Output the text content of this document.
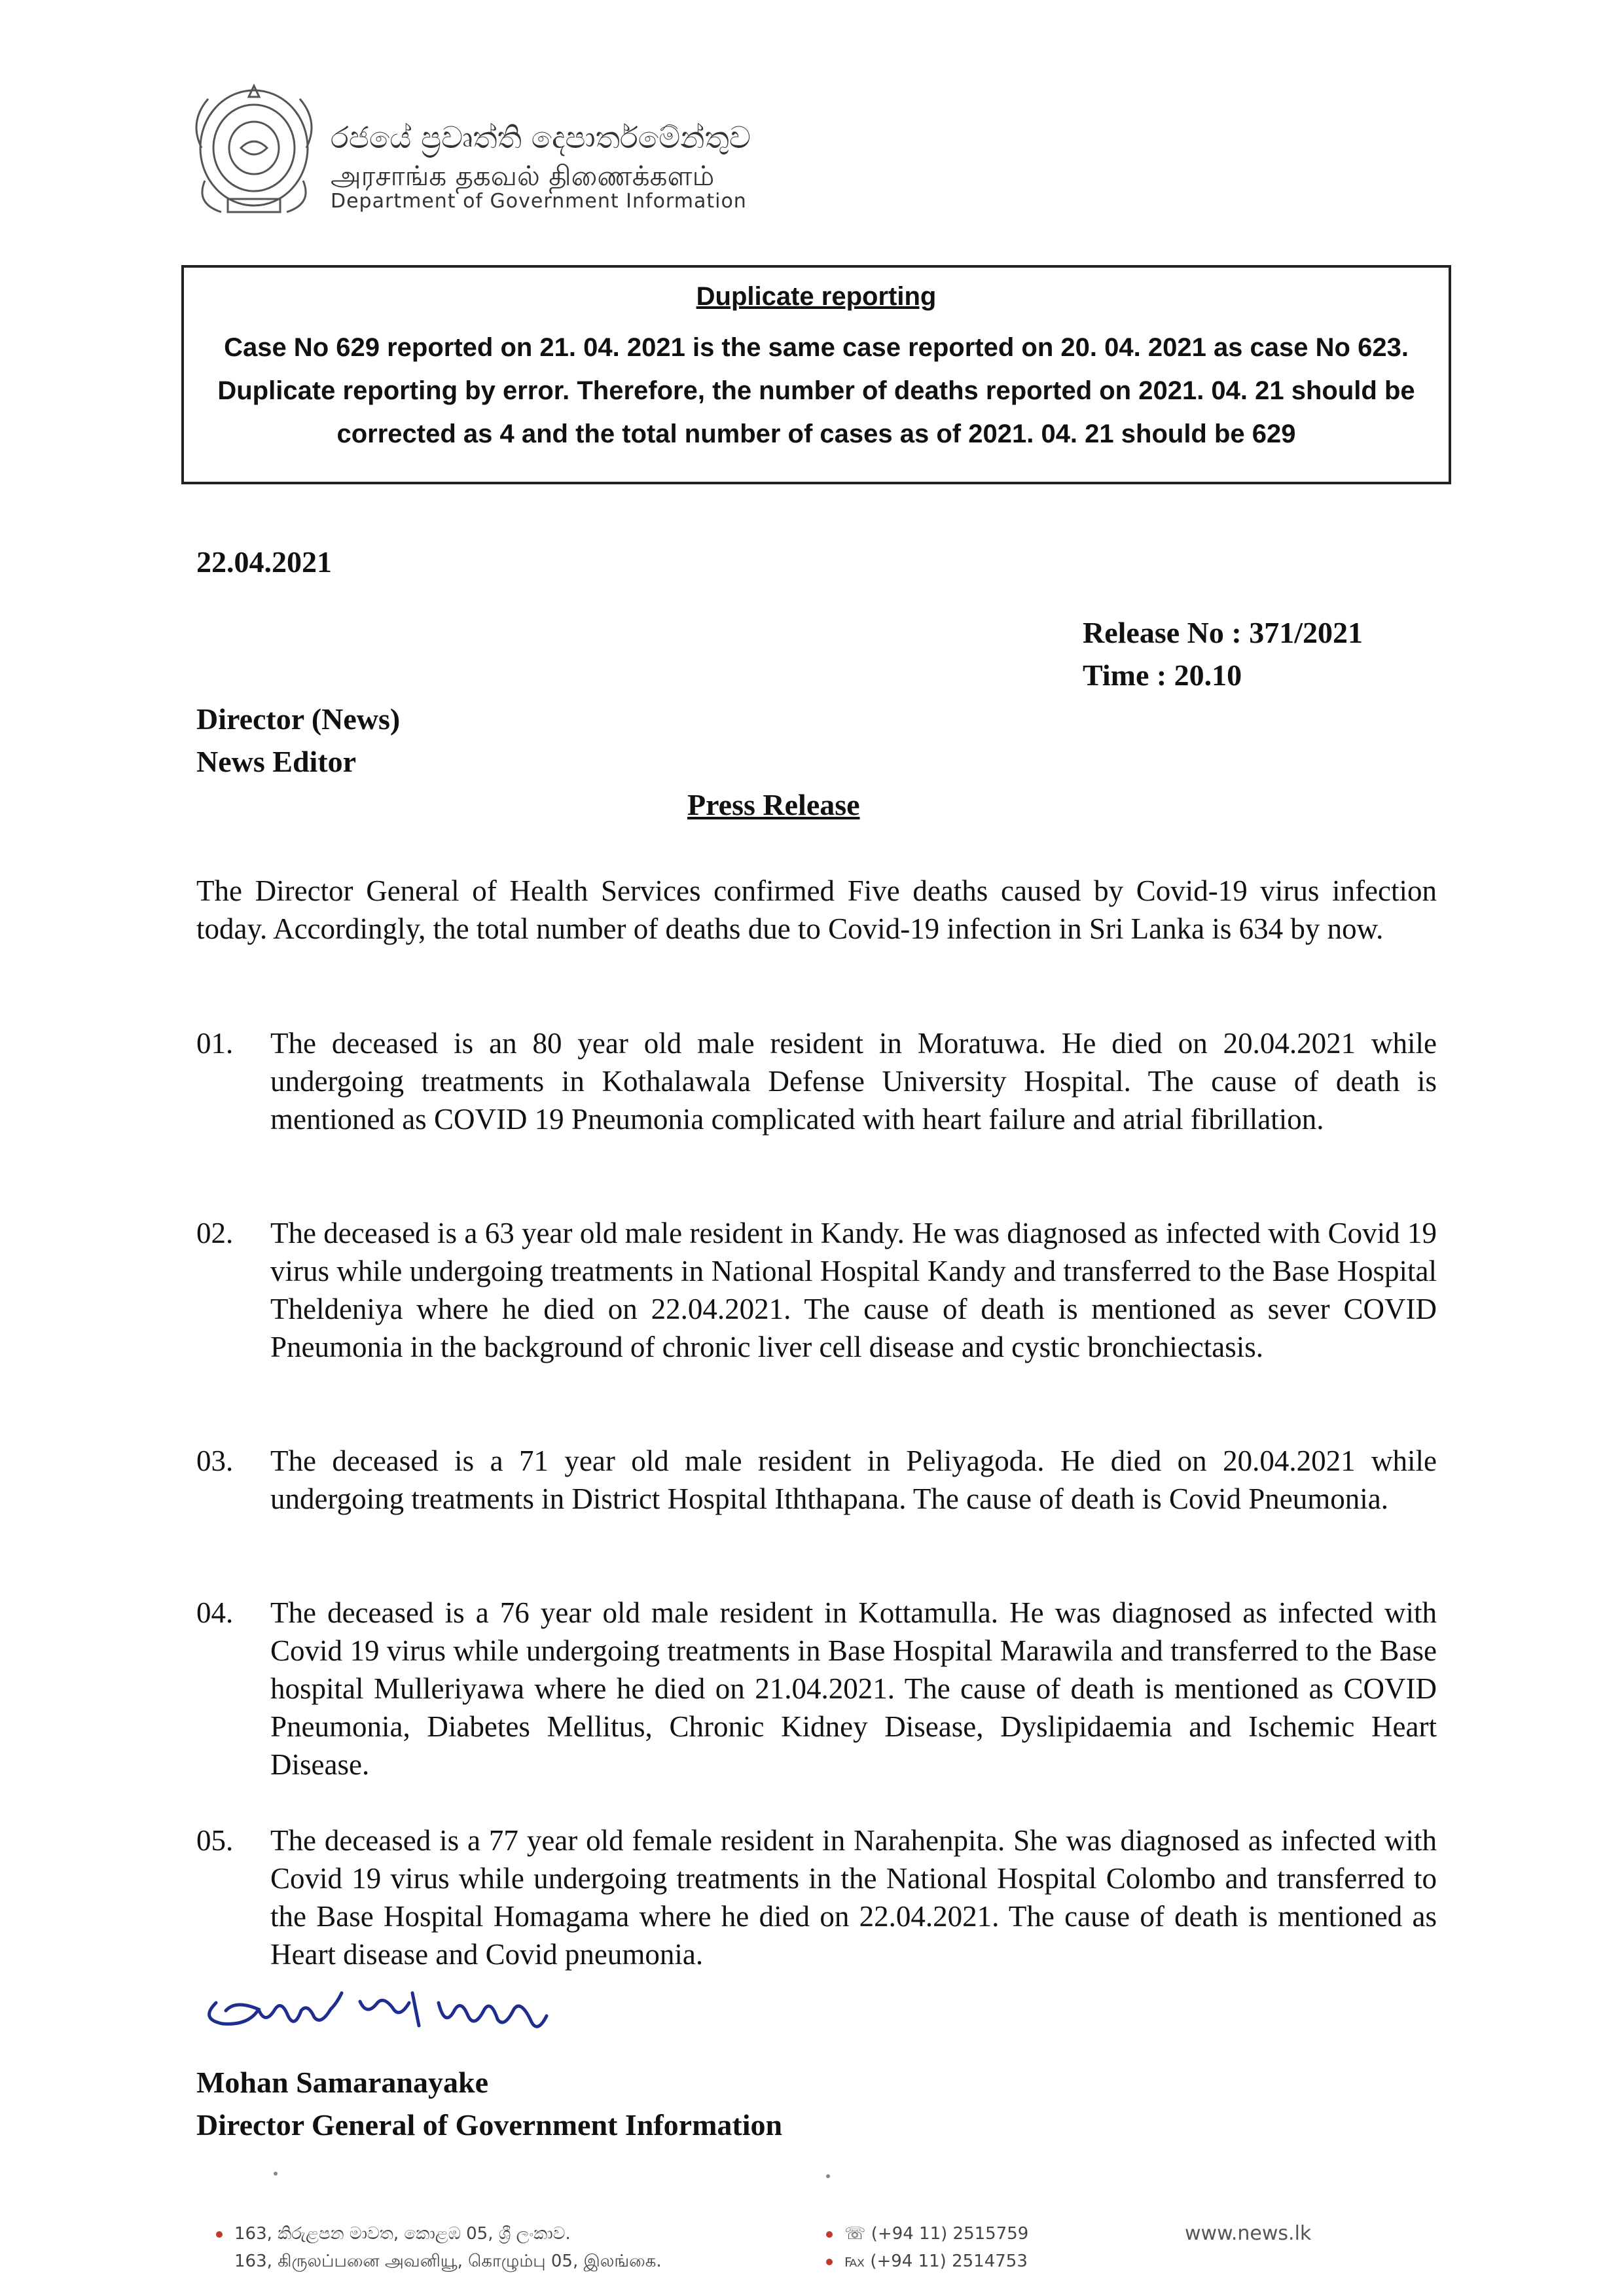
රජයේ ප්‍රවෘත්ති දෙපාර්තමේන්තුව
அரசாங்க தகவல் திணைக்களம்
Department of Government Information
Duplicate reporting
Case No 629 reported on 21. 04. 2021 is the same case reported on 20. 04. 2021 as case No 623. Duplicate reporting by error. Therefore, the number of deaths reported on 2021. 04. 21 should be corrected as 4 and the total number of cases as of 2021. 04. 21 should be 629
22.04.2021
Release No : 371/2021
Time : 20.10
Director (News)
News Editor
Press Release
The Director General of Health Services confirmed Five deaths caused by Covid-19 virus infection today. Accordingly, the total number of deaths due to Covid-19 infection in Sri Lanka is 634 by now.
01. The deceased is an 80 year old male resident in Moratuwa. He died on 20.04.2021 while undergoing treatments in Kothalawala Defense University Hospital. The cause of death is mentioned as COVID 19 Pneumonia complicated with heart failure and atrial fibrillation.
02. The deceased is a 63 year old male resident in Kandy. He was diagnosed as infected with Covid 19 virus while undergoing treatments in National Hospital Kandy and transferred to the Base Hospital Theldeniya where he died on 22.04.2021. The cause of death is mentioned as sever COVID Pneumonia in the background of chronic liver cell disease and cystic bronchiectasis.
03. The deceased is a 71 year old male resident in Peliyagoda. He died on 20.04.2021 while undergoing treatments in District Hospital Iththapana. The cause of death is Covid Pneumonia.
04. The deceased is a 76 year old male resident in Kottamulla. He was diagnosed as infected with Covid 19 virus while undergoing treatments in Base Hospital Marawila and transferred to the Base hospital Mulleriyawa where he died on 21.04.2021. The cause of death is mentioned as COVID Pneumonia, Diabetes Mellitus, Chronic Kidney Disease, Dyslipidaemia and Ischemic Heart Disease.
05. The deceased is a 77 year old female resident in Narahenpita. She was diagnosed as infected with Covid 19 virus while undergoing treatments in the National Hospital Colombo and transferred to the Base Hospital Homagama where he died on 22.04.2021. The cause of death is mentioned as Heart disease and Covid pneumonia.
Mohan Samaranayake
Director General of Government Information
163, කිරුළපන මාවත, කොළඹ 05, ශ්‍රී ලංකාව.
163, கிருலப்பனை அவனியூ, கொழும்பு 05, இலங்கை.
☏ (+94 11) 2515759
℻ (+94 11) 2514753
www.news.lk
